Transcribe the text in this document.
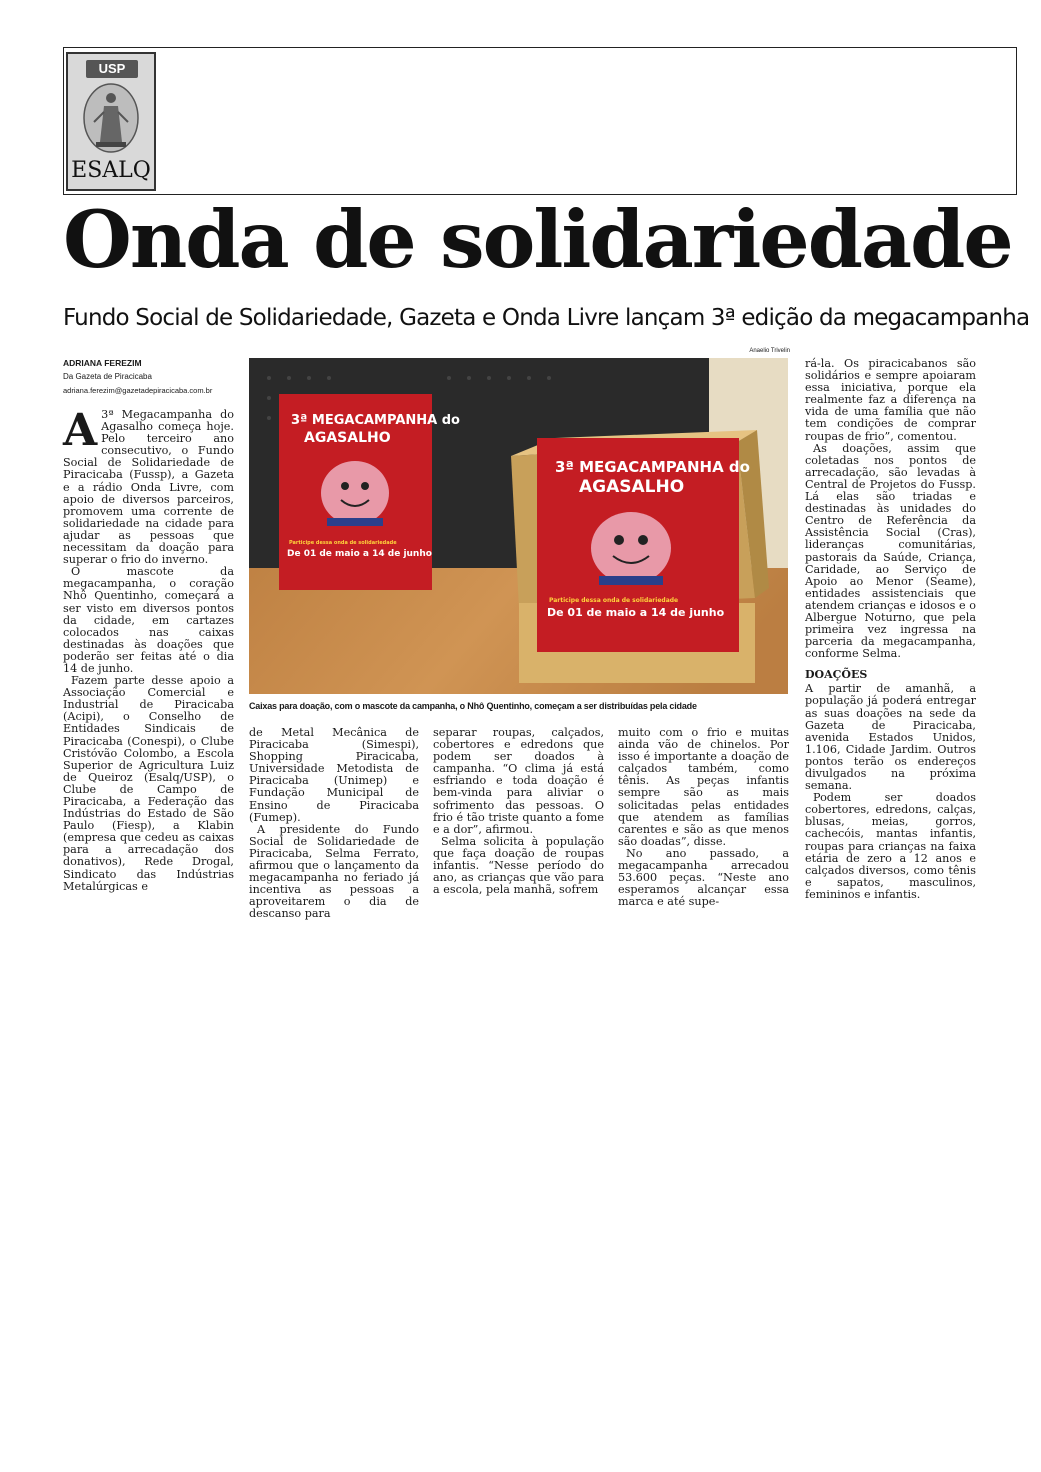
USP
ESALQ
Onda de solidariedade
Fundo Social de Solidariedade, Gazeta e Onda Livre lançam 3ª edição da megacampanha
ADRIANA FEREZIM
Da Gazeta de Piracicaba
adriana.ferezim@gazetadepiracicaba.com.br

A 3ª Megacampanha do Agasalho começa hoje. Pelo terceiro ano consecutivo, o Fundo Social de Solidariedade de Piracicaba (Fussp), a Gazeta e a rádio Onda Livre, com apoio de diversos parceiros, promovem uma corrente de solidariedade na cidade para ajudar as pessoas que necessitam da doação para superar o frio do inverno.

O mascote da megacampanha, o coração Nhô Quentinho, começará a ser visto em diversos pontos da cidade, em cartazes colocados nas caixas destinadas às doações que poderão ser feitas até o dia 14 de junho.

Fazem parte desse apoio a Associação Comercial e Industrial de Piracicaba (Acipi), o Conselho de Entidades Sindicais de Piracicaba (Conespi), o Clube Cristóvão Colombo, a Escola Superior de Agricultura Luiz de Queiroz (Esalq/USP), o Clube de Campo de Piracicaba, a Federação das Indústrias do Estado de São Paulo (Fiesp), a Klabin (empresa que cedeu as caixas para a arrecadação dos donativos), Rede Drogal, Sindicato das Indústrias Metalúrgicas e

Anaelio Trivelin
3ª MEGACAMPANHA do
AGASALHO
Participe dessa onda de solidariedade
De 01 de maio a 14 de junho
3ª MEGACAMPANHA do
AGASALHO
Participe dessa onda de solidariedade
De 01 de maio a 14 de junho
Caixas para doação, com o mascote da campanha, o Nhô Quentinho, começam a ser distribuídas pela cidade

de Metal Mecânica de Piracicaba (Simespi), Shopping Piracicaba, Universidade Metodista de Piracicaba (Unimep) e Fundação Municipal de Ensino de Piracicaba (Fumep).

A presidente do Fundo Social de Solidariedade de Piracicaba, Selma Ferrato, afirmou que o lançamento da megacampanha no feriado já incentiva as pessoas a aproveitarem o dia de descanso para

separar roupas, calçados, cobertores e edredons que podem ser doados à campanha. “O clima já está esfriando e toda doação é bem-vinda para aliviar o sofrimento das pessoas. O frio é tão triste quanto a fome e a dor”, afirmou.

Selma solicita à população que faça doação de roupas infantis. “Nesse período do ano, as crianças que vão para a escola, pela manhã, sofrem

muito com o frio e muitas ainda vão de chinelos. Por isso é importante a doação de calçados também, como tênis. As peças infantis sempre são as mais solicitadas pelas entidades que atendem as famílias carentes e são as que menos são doadas”, disse.

No ano passado, a megacampanha arrecadou 53.600 peças. “Neste ano esperamos alcançar essa marca e até supe-

rá-la. Os piracicabanos são solidários e sempre apoiaram essa iniciativa, porque ela realmente faz a diferença na vida de uma família que não tem condições de comprar roupas de frio”, comentou.

As doações, assim que coletadas nos pontos de arrecadação, são levadas à Central de Projetos do Fussp. Lá elas são triadas e destinadas às unidades do Centro de Referência da Assistência Social (Cras), lideranças comunitárias, pastorais da Saúde, Criança, Caridade, ao Serviço de Apoio ao Menor (Seame), entidades assistenciais que atendem crianças e idosos e o Albergue Noturno, que pela primeira vez ingressa na parceria da megacampanha, conforme Selma.

DOAÇÕES

A partir de amanhã, a população já poderá entregar as suas doações na sede da Gazeta de Piracicaba, avenida Estados Unidos, 1.106, Cidade Jardim. Outros pontos terão os endereços divulgados na próxima semana.

Podem ser doados cobertores, edredons, calças, blusas, meias, gorros, cachecóis, mantas infantis, roupas para crianças na faixa etária de zero a 12 anos e calçados diversos, como tênis e sapatos, masculinos, femininos e infantis.
